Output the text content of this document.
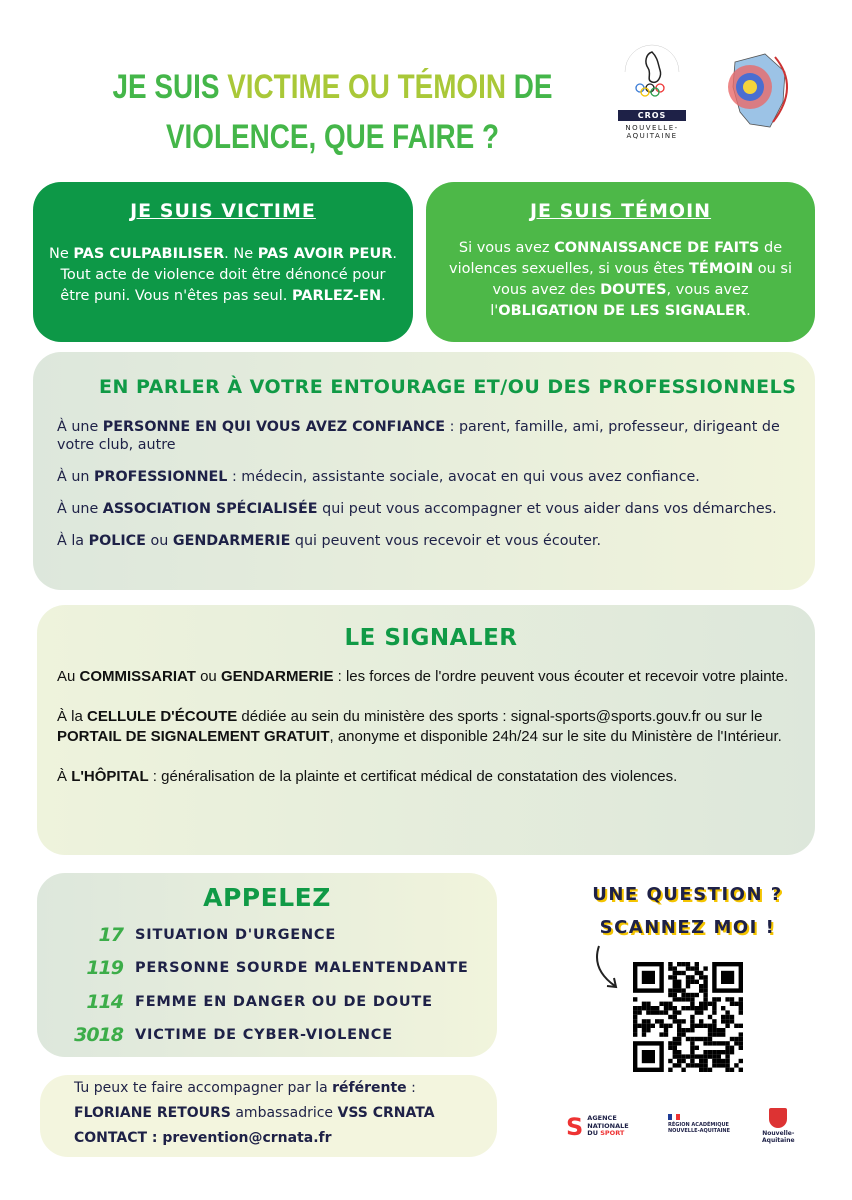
JE SUIS VICTIME OU TÉMOIN DE
VIOLENCE, QUE FAIRE ?
CROS
NOUVELLE-
AQUITAINE
JE SUIS VICTIME

Ne PAS CULPABILISER. Ne PAS AVOIR PEUR. Tout acte de violence doit être dénoncé pour être puni. Vous n'êtes pas seul. PARLEZ-EN.

JE SUIS TÉMOIN

Si vous avez CONNAISSANCE DE FAITS de violences sexuelles, si vous êtes TÉMOIN ou si vous avez des DOUTES, vous avez l'OBLIGATION DE LES SIGNALER.

EN PARLER À VOTRE ENTOURAGE ET/OU DES PROFESSIONNELS

À une PERSONNE EN QUI VOUS AVEZ CONFIANCE : parent, famille, ami, professeur, dirigeant de votre club, autre

À un PROFESSIONNEL : médecin, assistante sociale, avocat en qui vous avez confiance.

À une ASSOCIATION SPÉCIALISÉE qui peut vous accompagner et vous aider dans vos démarches.

À la POLICE ou GENDARMERIE qui peuvent vous recevoir et vous écouter.

LE SIGNALER

Au COMMISSARIAT ou GENDARMERIE : les forces de l'ordre peuvent vous écouter et recevoir votre plainte.

À la CELLULE D'ÉCOUTE dédiée au sein du ministère des sports : signal-sports@sports.gouv.fr ou sur le PORTAIL DE SIGNALEMENT GRATUIT, anonyme et disponible 24h/24 sur le site du Ministère de l'Intérieur.

À L'HÔPITAL : généralisation de la plainte et certificat médical de constatation des violences.

APPELEZ
17 SITUATION D'URGENCE
119 PERSONNE SOURDE MALENTENDANTE
114 FEMME EN DANGER OU DE DOUTE
3018 VICTIME DE CYBER-VIOLENCE

Tu peux te faire accompagner par la référente :

FLORIANE RETOURS ambassadrice VSS CRNATA

CONTACT : prevention@crnata.fr

UNE QUESTION ?
SCANNEZ MOI !
S AGENCE
NATIONALE
DU SPORT
RÉGION ACADÉMIQUE
NOUVELLE-AQUITAINE	Nouvelle-
Aquitaine
